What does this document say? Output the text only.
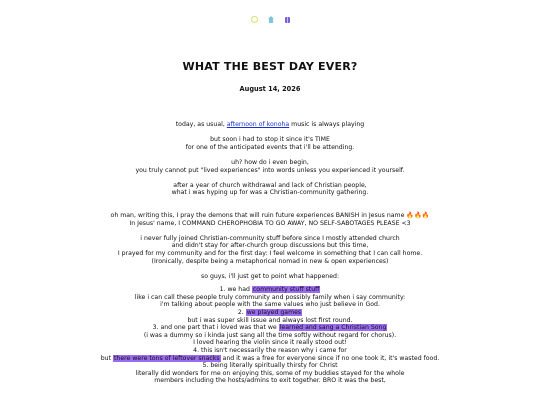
WHAT THE BEST DAY EVER?
August 14, 2026

today, as usual, afternoon of konoha music is always playing

but soon i had to stop it since it's TIME
for one of the anticipated events that i'll be attending.

uh? how do i even begin,
you truly cannot put "lived experiences" into words unless you experienced it yourself.

after a year of church withdrawal and lack of Christian people,
what i was hyping up for was a Christian-community gathering.

oh man, writing this, I pray the demons that will ruin future experiences BANISH in Jesus name 🔥🔥🔥
In Jesus' name, I COMMAND CHEROPHOBIA TO GO AWAY, NO SELF-SABOTAGES PLEASE <3

i never fully joined Christian-community stuff before since I mostly attended church
and didn't stay for after-church group discussions but this time,
I prayed for my community and for the first day: I feel welcome in something that I can call home.
(Ironically, despite being a metaphorical nomad in new & open experiences)

so guys, i'll just get to point what happened:

1. we had community stuff stuff
like i can call these people truly community and possibly family when i say community:
i'm talking about people with the same values who just believe in God.
2. we played games
but i was super skill issue and always lost first round.
3. and one part that i loved was that we learned and sang a Christian Song
(i was a dummy so i kinda just sang all the time softly without regard for chorus).
I loved hearing the violin since it really stood out!
4. this isn't necessarily the reason why i came for
but there were tons of leftover snacks and it was a free for everyone since if no one took it, it's wasted food.
5. being literally spiritually thirsty for Christ
literally did wonders for me on enjoying this, some of my buddies stayed for the whole
members including the hosts/admins to exit together. BRO it was the best,
